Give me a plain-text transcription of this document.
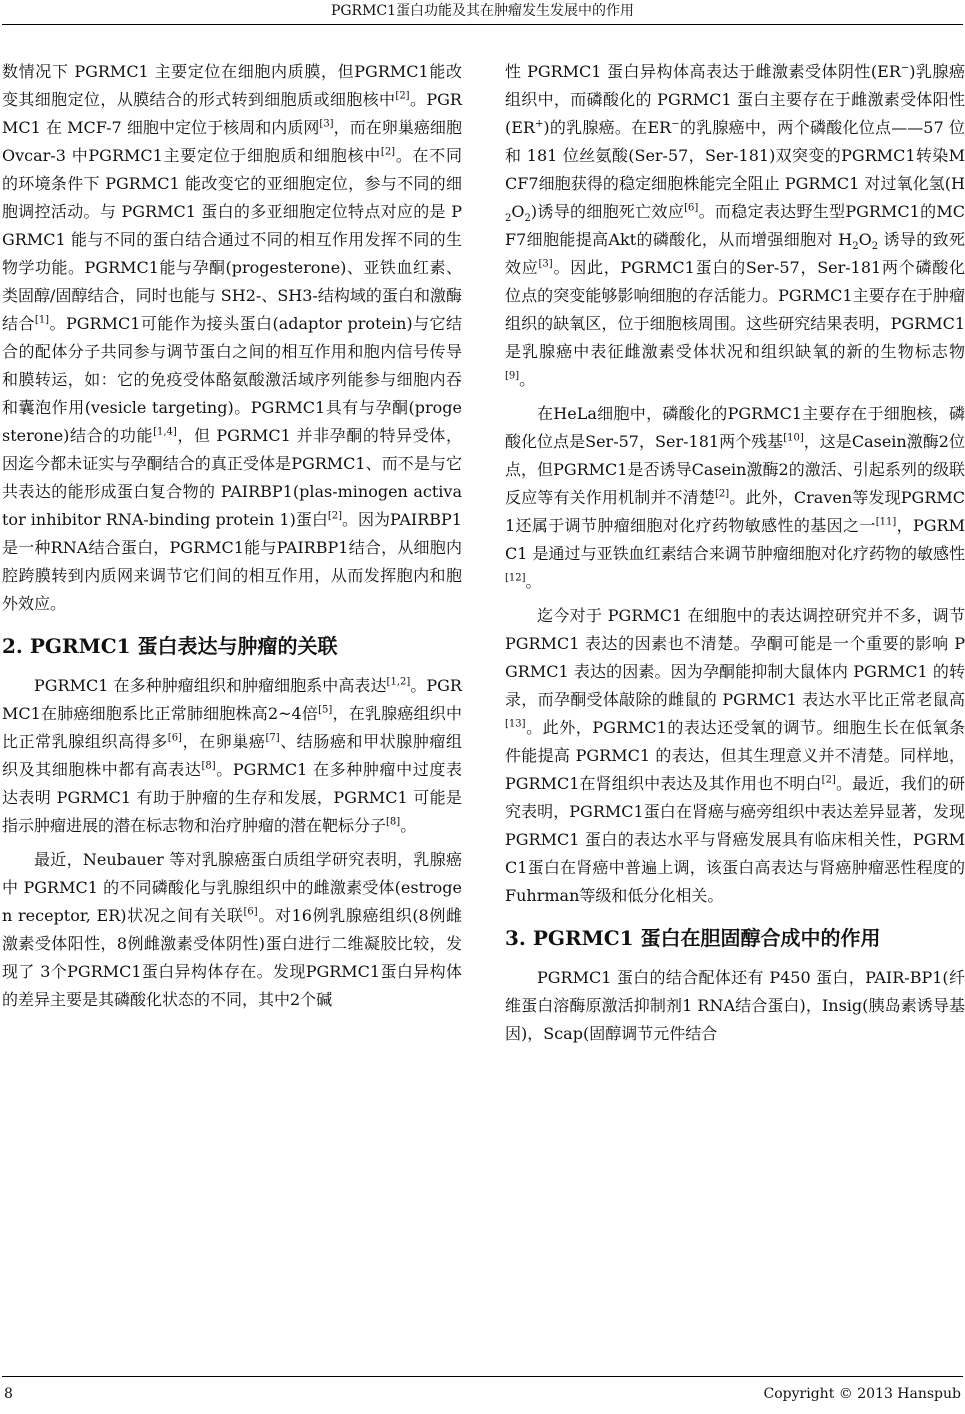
PGRMC1蛋白功能及其在肿瘤发生发展中的作用

数情况下 PGRMC1 主要定位在细胞内质膜，但PGRMC1能改变其细胞定位，从膜结合的形式转到细胞质或细胞核中[2]。PGRMC1 在 MCF-7 细胞中定位于核周和内质网[3]，而在卵巢癌细胞 Ovcar-3 中PGRMC1主要定位于细胞质和细胞核中[2]。在不同的环境条件下 PGRMC1 能改变它的亚细胞定位，参与不同的细胞调控活动。与 PGRMC1 蛋白的多亚细胞定位特点对应的是 PGRMC1 能与不同的蛋白结合通过不同的相互作用发挥不同的生物学功能。PGRMC1能与孕酮(progesterone)、亚铁血红素、类固醇/固醇结合，同时也能与 SH2-、SH3-结构域的蛋白和激酶结合[1]。PGRMC1可能作为接头蛋白(adaptor protein)与它结合的配体分子共同参与调节蛋白之间的相互作用和胞内信号传导和膜转运，如：它的免疫受体酪氨酸激活域序列能参与细胞内吞和囊泡作用(vesicle targeting)。PGRMC1具有与孕酮(progesterone)结合的功能[1,4]，但 PGRMC1 并非孕酮的特异受体，因迄今都未证实与孕酮结合的真正受体是PGRMC1、而不是与它共表达的能形成蛋白复合物的 PAIRBP1(plas-minogen activator inhibitor RNA-binding protein 1)蛋白[2]。因为PAIRBP1是一种RNA结合蛋白，PGRMC1能与PAIRBP1结合，从细胞内腔跨膜转到内质网来调节它们间的相互作用，从而发挥胞内和胞外效应。

2. PGRMC1 蛋白表达与肿瘤的关联

PGRMC1 在多种肿瘤组织和肿瘤细胞系中高表达[1,2]。PGRMC1在肺癌细胞系比正常肺细胞株高2~4倍[5]，在乳腺癌组织中比正常乳腺组织高得多[6]，在卵巢癌[7]、结肠癌和甲状腺肿瘤组织及其细胞株中都有高表达[8]。PGRMC1 在多种肿瘤中过度表达表明 PGRMC1 有助于肿瘤的生存和发展，PGRMC1 可能是指示肿瘤进展的潜在标志物和治疗肿瘤的潜在靶标分子[8]。

最近，Neubauer 等对乳腺癌蛋白质组学研究表明，乳腺癌中 PGRMC1 的不同磷酸化与乳腺组织中的雌激素受体(estrogen receptor, ER)状况之间有关联[6]。对16例乳腺癌组织(8例雌激素受体阳性，8例雌激素受体阴性)蛋白进行二维凝胶比较，发现了 3个PGRMC1蛋白异构体存在。发现PGRMC1蛋白异构体的差异主要是其磷酸化状态的不同，其中2个碱

性 PGRMC1 蛋白异构体高表达于雌激素受体阴性(ER−)乳腺癌组织中，而磷酸化的 PGRMC1 蛋白主要存在于雌激素受体阳性(ER+)的乳腺癌。在ER−的乳腺癌中，两个磷酸化位点——57 位和 181 位丝氨酸(Ser-57，Ser-181)双突变的PGRMC1转染MCF7细胞获得的稳定细胞株能完全阻止 PGRMC1 对过氧化氢$(H_2O_2)$诱导的细胞死亡效应[6]。而稳定表达野生型PGRMC1的MCF7细胞能提高Akt的磷酸化，从而增强细胞对 $H_2O_2$ 诱导的致死效应[3]。因此，PGRMC1蛋白的Ser-57，Ser-181两个磷酸化位点的突变能够影响细胞的存活能力。PGRMC1主要存在于肿瘤组织的缺氧区，位于细胞核周围。这些研究结果表明，PGRMC1 是乳腺癌中表征雌激素受体状况和组织缺氧的新的生物标志物[9]。

在HeLa细胞中，磷酸化的PGRMC1主要存在于细胞核，磷酸化位点是Ser-57，Ser-181两个残基[10]，这是Casein激酶2位点，但PGRMC1是否诱导Casein激酶2的激活、引起系列的级联反应等有关作用机制并不清楚[2]。此外，Craven等发现PGRMC1还属于调节肿瘤细胞对化疗药物敏感性的基因之一[11]，PGRMC1 是通过与亚铁血红素结合来调节肿瘤细胞对化疗药物的敏感性[12]。

迄今对于 PGRMC1 在细胞中的表达调控研究并不多，调节 PGRMC1 表达的因素也不清楚。孕酮可能是一个重要的影响 PGRMC1 表达的因素。因为孕酮能抑制大鼠体内 PGRMC1 的转录，而孕酮受体敲除的雌鼠的 PGRMC1 表达水平比正常老鼠高[13]。此外，PGRMC1的表达还受氧的调节。细胞生长在低氧条件能提高 PGRMC1 的表达，但其生理意义并不清楚。同样地，PGRMC1在肾组织中表达及其作用也不明白[2]。最近，我们的研究表明，PGRMC1蛋白在肾癌与癌旁组织中表达差异显著，发现 PGRMC1 蛋白的表达水平与肾癌发展具有临床相关性，PGRMC1蛋白在肾癌中普遍上调，该蛋白高表达与肾癌肿瘤恶性程度的Fuhrman等级和低分化相关。

3. PGRMC1 蛋白在胆固醇合成中的作用

PGRMC1 蛋白的结合配体还有 P450 蛋白，PAIR-BP1(纤维蛋白溶酶原激活抑制剂1 RNA结合蛋白)，Insig(胰岛素诱导基因)，Scap(固醇调节元件结合

8	Copyright © 2013 Hanspub
